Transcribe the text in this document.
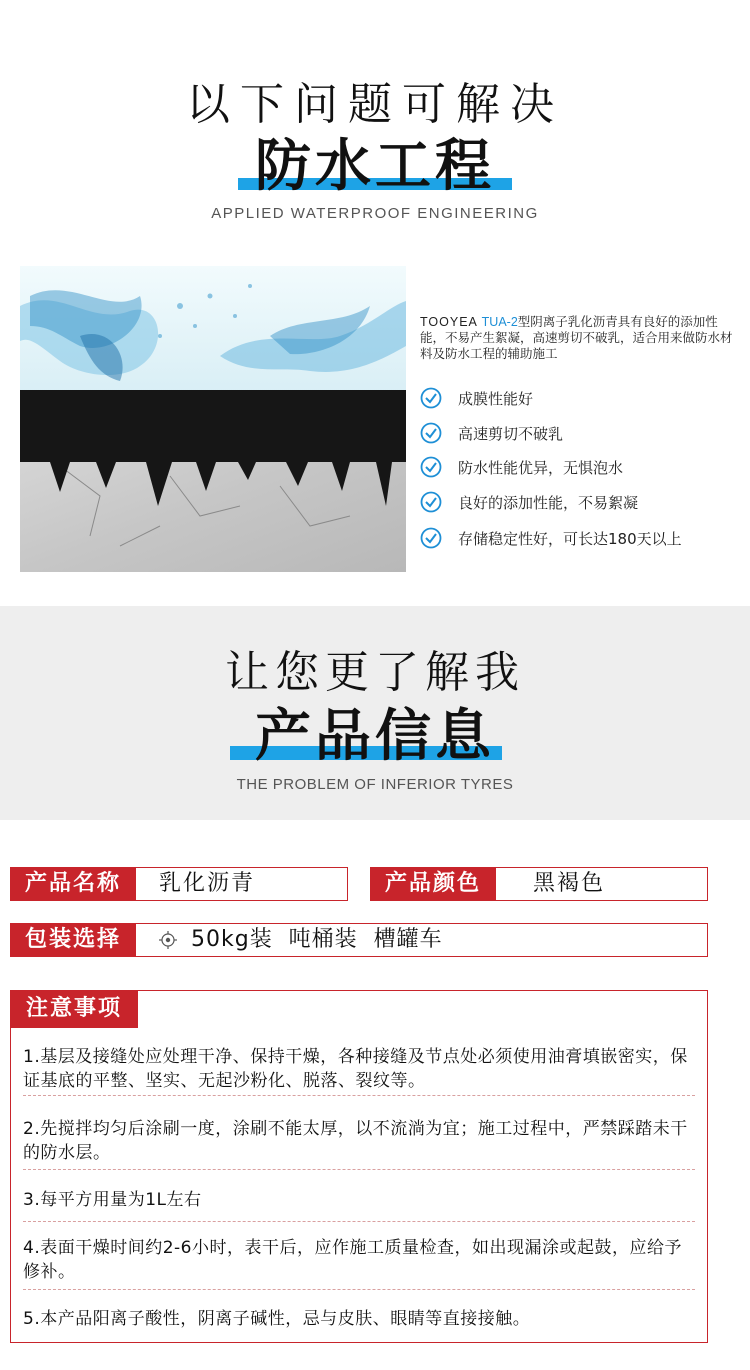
以下问题可解决
防水工程
APPLIED WATERPROOF ENGINEERING
TOOYEA TUA-2型阴离子乳化沥青具有良好的添加性能，不易产生絮凝，高速剪切不破乳，适合用来做防水材料及防水工程的辅助施工
成膜性能好
高速剪切不破乳
防水性能优异，无惧泡水
良好的添加性能，不易絮凝
存储稳定性好，可长达180天以上
让您更了解我
产品信息
THE PROBLEM OF INFERIOR TYRES
产品名称	乳化沥青	产品颜色	黑褐色
包装选择	50kg装  吨桶装  槽罐车
注意事项
1.基层及接缝处应处理干净、保持干燥，各种接缝及节点处必须使用油膏填嵌密实，保证基底的平整、坚实、无起沙粉化、脱落、裂纹等。
2.先搅拌均匀后涂刷一度，涂刷不能太厚，以不流淌为宜；施工过程中，严禁踩踏未干的防水层。
3.每平方用量为1L左右
4.表面干燥时间约2-6小时，表干后，应作施工质量检查，如出现漏涂或起鼓，应给予修补。
5.本产品阳离子酸性，阴离子碱性，忌与皮肤、眼睛等直接接触。
